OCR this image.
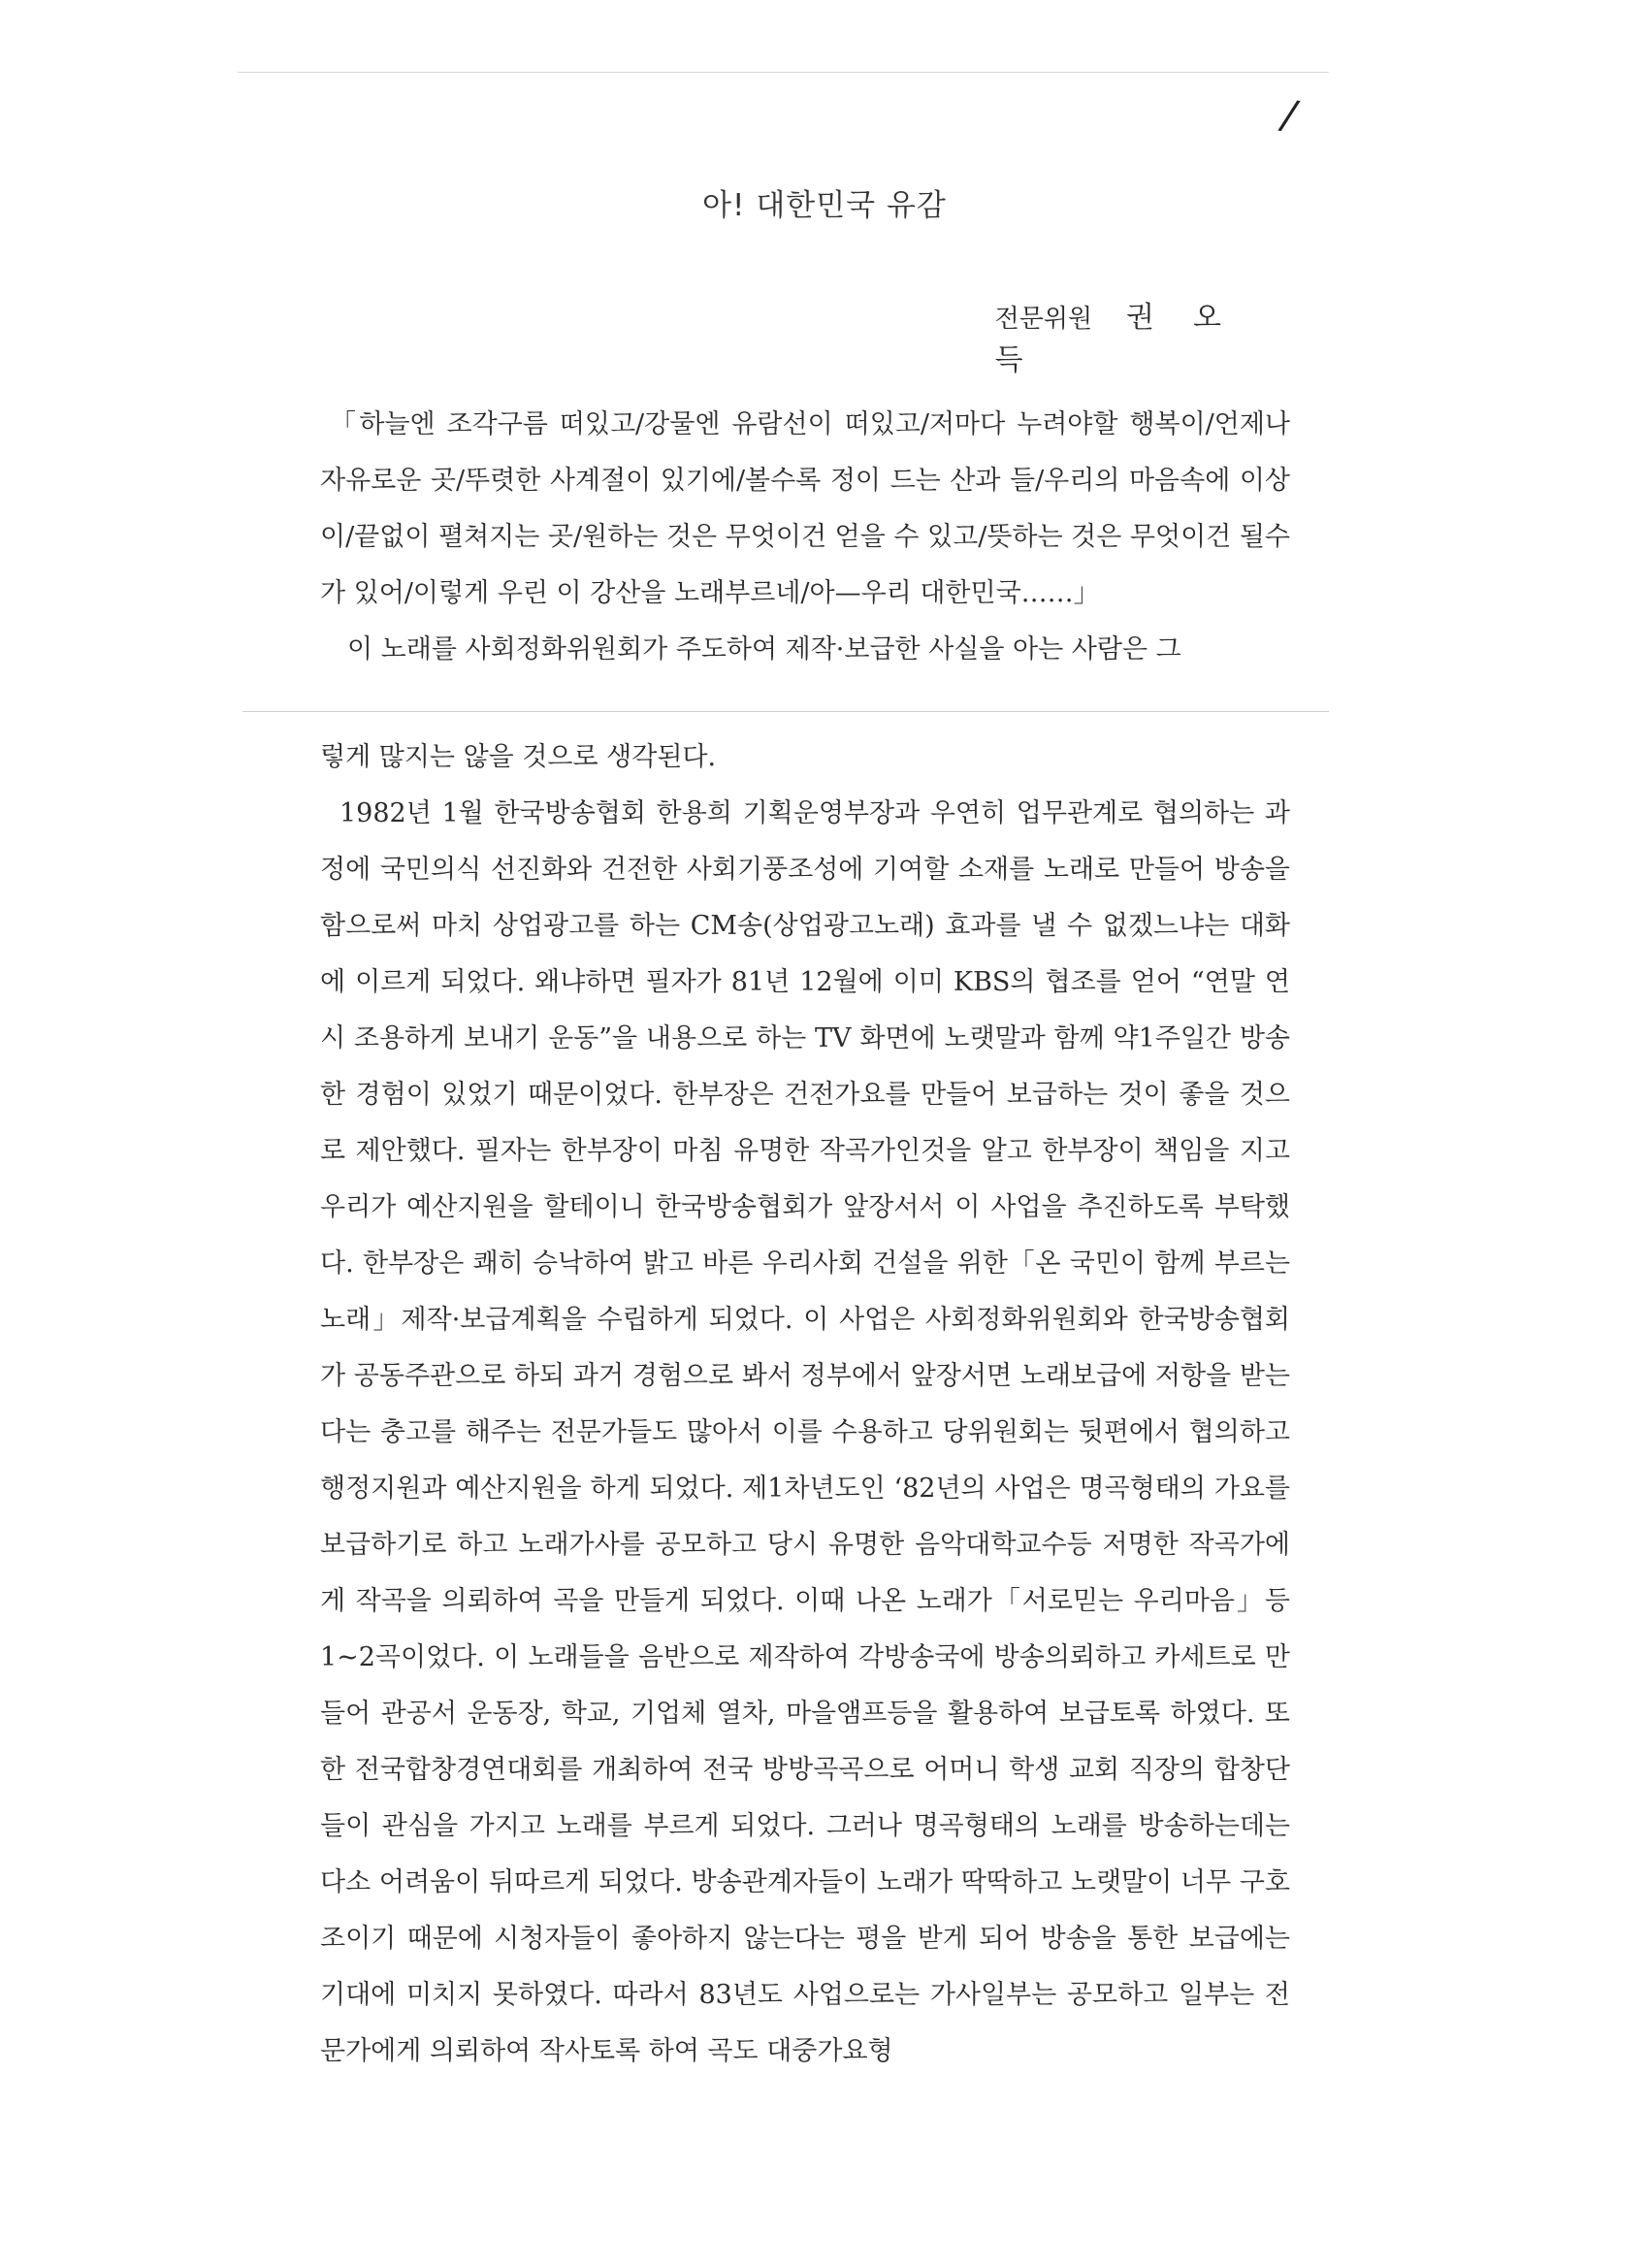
/
아! 대한민국 유감
전문위원 권오득

「하늘엔 조각구름 떠있고/강물엔 유람선이 떠있고/저마다 누려야할 행복이/언제나 자유로운 곳/뚜렷한 사계절이 있기에/볼수록 정이 드는 산과 들/우리의 마음속에 이상이/끝없이 펼쳐지는 곳/원하는 것은 무엇이건 얻을 수 있고/뜻하는 것은 무엇이건 될수가 있어/이렇게 우린 이 강산을 노래부르네/아—우리 대한민국……」

이 노래를 사회정화위원회가 주도하여 제작·보급한 사실을 아는 사람은 그

렇게 많지는 않을 것으로 생각된다.

1982년 1월 한국방송협회 한용희 기획운영부장과 우연히 업무관계로 협의하는 과정에 국민의식 선진화와 건전한 사회기풍조성에 기여할 소재를 노래로 만들어 방송을 함으로써 마치 상업광고를 하는 CM송(상업광고노래) 효과를 낼 수 없겠느냐는 대화에 이르게 되었다. 왜냐하면 필자가 81년 12월에 이미 KBS의 협조를 얻어 “연말 연시 조용하게 보내기 운동”을 내용으로 하는 TV 화면에 노랫말과 함께 약1주일간 방송한 경험이 있었기 때문이었다. 한부장은 건전가요를 만들어 보급하는 것이 좋을 것으로 제안했다. 필자는 한부장이 마침 유명한 작곡가인것을 알고 한부장이 책임을 지고 우리가 예산지원을 할테이니 한국방송협회가 앞장서서 이 사업을 추진하도록 부탁했다. 한부장은 쾌히 승낙하여 밝고 바른 우리사회 건설을 위한「온 국민이 함께 부르는 노래」제작·보급계획을 수립하게 되었다. 이 사업은 사회정화위원회와 한국방송협회가 공동주관으로 하되 과거 경험으로 봐서 정부에서 앞장서면 노래보급에 저항을 받는다는 충고를 해주는 전문가들도 많아서 이를 수용하고 당위원회는 뒷편에서 협의하고 행정지원과 예산지원을 하게 되었다. 제1차년도인 ‘82년의 사업은 명곡형태의 가요를 보급하기로 하고 노래가사를 공모하고 당시 유명한 음악대학교수등 저명한 작곡가에게 작곡을 의뢰하여 곡을 만들게 되었다. 이때 나온 노래가「서로믿는 우리마음」등 1~2곡이었다. 이 노래들을 음반으로 제작하여 각방송국에 방송의뢰하고 카세트로 만들어 관공서 운동장, 학교, 기업체 열차, 마을앰프등을 활용하여 보급토록 하였다. 또한 전국합창경연대회를 개최하여 전국 방방곡곡으로 어머니 학생 교회 직장의 합창단들이 관심을 가지고 노래를 부르게 되었다. 그러나 명곡형태의 노래를 방송하는데는 다소 어려움이 뒤따르게 되었다. 방송관계자들이 노래가 딱딱하고 노랫말이 너무 구호조이기 때문에 시청자들이 좋아하지 않는다는 평을 받게 되어 방송을 통한 보급에는 기대에 미치지 못하였다. 따라서 83년도 사업으로는 가사일부는 공모하고 일부는 전문가에게 의뢰하여 작사토록 하여 곡도 대중가요형
